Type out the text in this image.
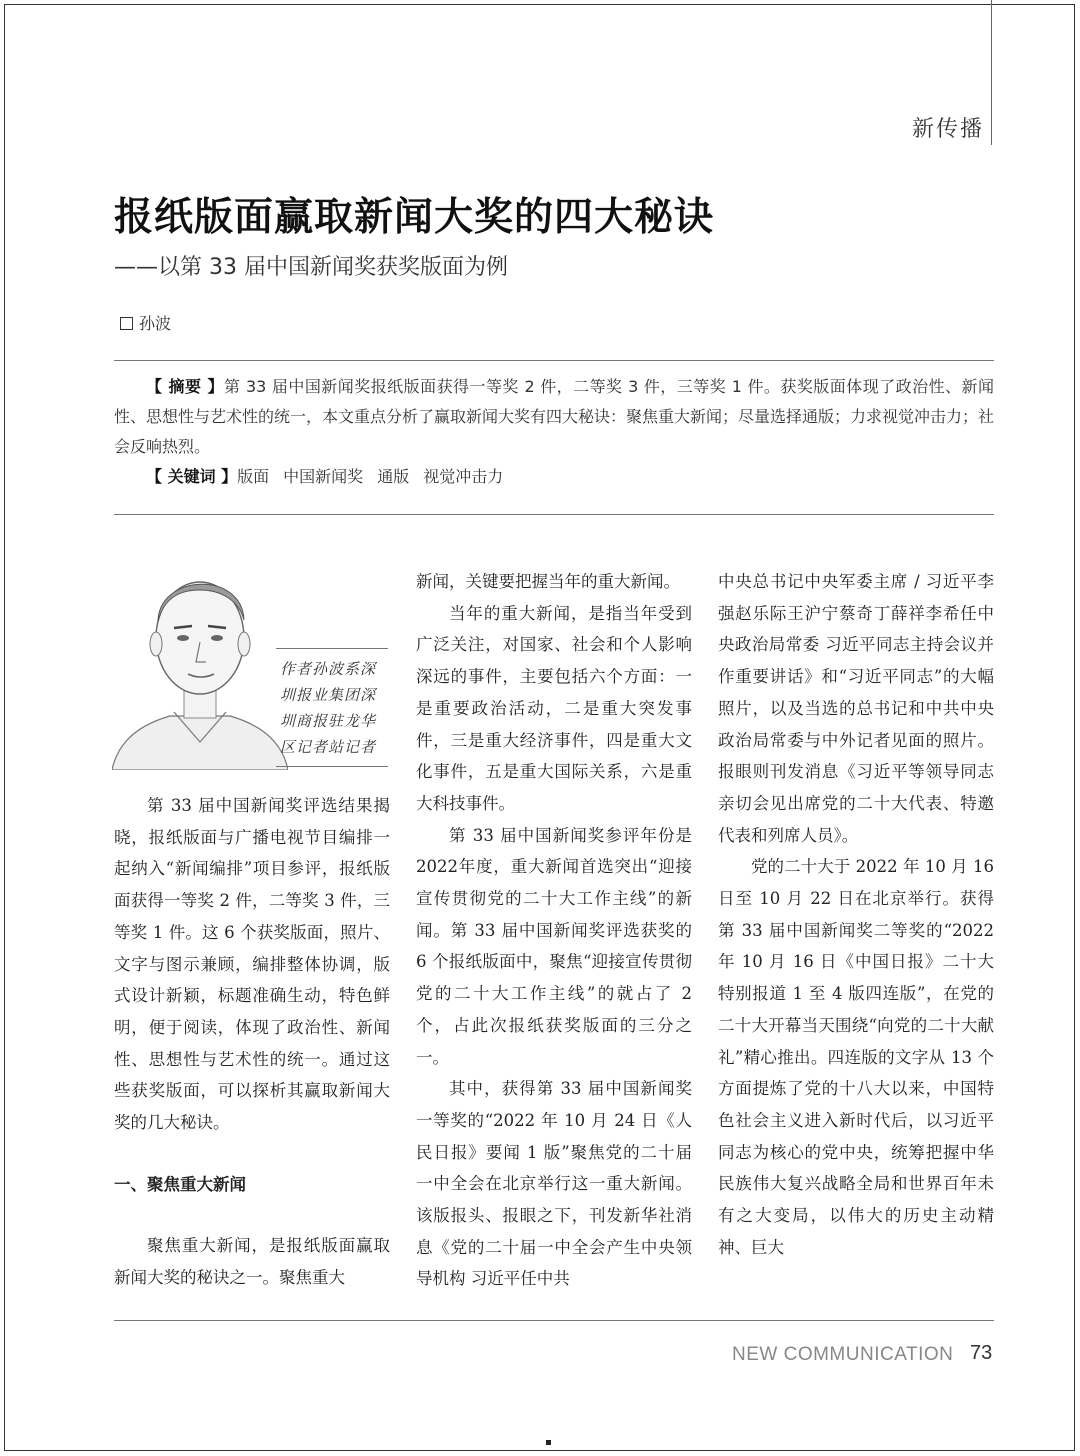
新传播
报纸版面赢取新闻大奖的四大秘诀
——以第 33 届中国新闻奖获奖版面为例
孙波

【 摘要 】第 33 届中国新闻奖报纸版面获得一等奖 2 件，二等奖 3 件，三等奖 1 件。获奖版面体现了政治性、新闻性、思想性与艺术性的统一，本文重点分析了赢取新闻大奖有四大秘诀：聚焦重大新闻；尽量选择通版；力求视觉冲击力；社会反响热烈。

【 关键词 】版面 中国新闻奖 通版 视觉冲击力

作者孙波系深圳报业集团深圳商报驻龙华区记者站记者

第 33 届中国新闻奖评选结果揭晓，报纸版面与广播电视节目编排一起纳入“新闻编排”项目参评，报纸版面获得一等奖 2 件，二等奖 3 件，三等奖 1 件。这 6 个获奖版面，照片、文字与图示兼顾，编排整体协调，版式设计新颖，标题准确生动，特色鲜明，便于阅读，体现了政治性、新闻性、思想性与艺术性的统一。通过这些获奖版面，可以探析其赢取新闻大奖的几大秘诀。

一、聚焦重大新闻

聚焦重大新闻，是报纸版面赢取新闻大奖的秘诀之一。聚焦重大

新闻，关键要把握当年的重大新闻。

当年的重大新闻，是指当年受到广泛关注，对国家、社会和个人影响深远的事件，主要包括六个方面：一是重要政治活动，二是重大突发事件，三是重大经济事件，四是重大文化事件，五是重大国际关系，六是重大科技事件。

第 33 届中国新闻奖参评年份是2022年度，重大新闻首选突出“迎接宣传贯彻党的二十大工作主线”的新闻。第 33 届中国新闻奖评选获奖的 6 个报纸版面中，聚焦“迎接宣传贯彻党的二十大工作主线”的就占了 2 个，占此次报纸获奖版面的三分之一。

其中，获得第 33 届中国新闻奖一等奖的“2022 年 10 月 24 日《人民日报》要闻 1 版”聚焦党的二十届一中全会在北京举行这一重大新闻。该版报头、报眼之下，刊发新华社消息《党的二十届一中全会产生中央领导机构 习近平任中共

中央总书记中央军委主席 / 习近平李强赵乐际王沪宁蔡奇丁薛祥李希任中央政治局常委 习近平同志主持会议并作重要讲话》和“习近平同志”的大幅照片，以及当选的总书记和中共中央政治局常委与中外记者见面的照片。报眼则刊发消息《习近平等领导同志亲切会见出席党的二十大代表、特邀代表和列席人员》。

党的二十大于 2022 年 10 月 16 日至 10 月 22 日在北京举行。获得第 33 届中国新闻奖二等奖的“2022 年 10 月 16 日《中国日报》二十大特别报道 1 至 4 版四连版”，在党的二十大开幕当天围绕“向党的二十大献礼”精心推出。四连版的文字从 13 个方面提炼了党的十八大以来，中国特色社会主义进入新时代后，以习近平同志为核心的党中央，统筹把握中华民族伟大复兴战略全局和世界百年未有之大变局，以伟大的历史主动精神、巨大

NEW COMMUNICATION 73
